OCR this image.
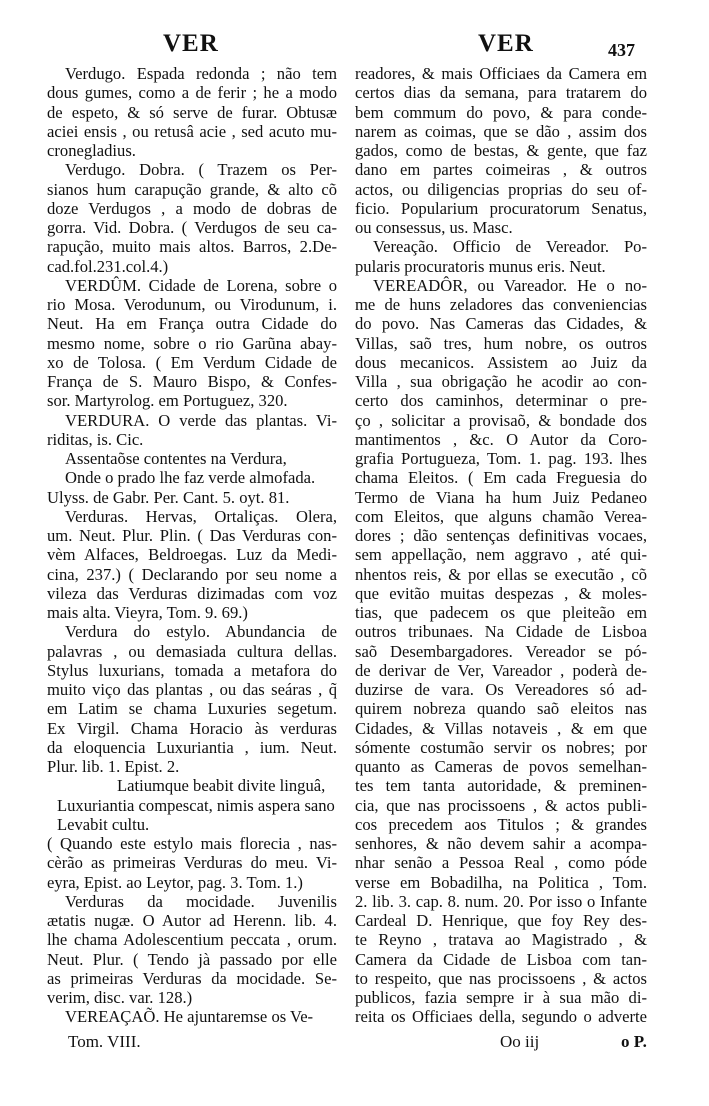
VER	VER	437
Verdugo. Espada redonda ; não tem
dous gumes, como a de ferir ; he a modo
de espeto, & só serve de furar. Obtusæ
aciei ensis , ou retusâ acie , sed acuto mu-
cronegladius.
Verdugo. Dobra. ( Trazem os Per-
sianos hum carapução grande, & alto cõ
doze Verdugos , a modo de dobras de
gorra. Vid. Dobra. ( Verdugos de seu ca-
rapução, muito mais altos. Barros, 2.De-
cad.fol.231.col.4.)
VERDÛM. Cidade de Lorena, sobre o
rio Mosa. Verodunum, ou Virodunum, i.
Neut. Ha em França outra Cidade do
mesmo nome, sobre o rio Garũna abay-
xo de Tolosa. ( Em Verdum Cidade de
França de S. Mauro Bispo, & Confes-
sor. Martyrolog. em Portuguez, 320.
VERDURA. O verde das plantas. Vi-
riditas, is. Cic.
Assentaõse contentes na Verdura,
Onde o prado lhe faz verde almofada.
Ulyss. de Gabr. Per. Cant. 5. oyt. 81.
Verduras. Hervas, Ortaliças. Olera,
um. Neut. Plur. Plin. ( Das Verduras con-
vèm Alfaces, Beldroegas. Luz da Medi-
cina, 237.) ( Declarando por seu nome a
vileza das Verduras dizimadas com voz
mais alta. Vieyra, Tom. 9. 69.)
Verdura do estylo. Abundancia de
palavras , ou demasiada cultura dellas.
Stylus luxurians, tomada a metafora do
muito viço das plantas , ou das seáras , q̃
em Latim se chama Luxuries segetum.
Ex Virgil. Chama Horacio às verduras
da eloquencia Luxuriantia , ium. Neut.
Plur. lib. 1. Epist. 2.
Latiumque beabit divite linguâ,
Luxuriantia compescat, nimis aspera sano
Levabit cultu.
( Quando este estylo mais florecia , nas-
cèrão as primeiras Verduras do meu. Vi-
eyra, Epist. ao Leytor, pag. 3. Tom. 1.)
Verduras da mocidade. Juvenilis
ætatis nugæ. O Autor ad Herenn. lib. 4.
lhe chama Adolescentium peccata , orum.
Neut. Plur. ( Tendo jà passado por elle
as primeiras Verduras da mocidade. Se-
verim, disc. var. 128.)
VEREAÇAÕ. He ajuntaremse os Ve-
readores, & mais Officiaes da Camera em
certos dias da semana, para tratarem do
bem commum do povo, & para conde-
narem as coimas, que se dão , assim dos
gados, como de bestas, & gente, que faz
dano em partes coimeiras , & outros
actos, ou diligencias proprias do seu of-
ficio. Popularium procuratorum Senatus,
ou consessus, us. Masc.
Vereação. Officio de Vereador. Po-
pularis procuratoris munus eris. Neut.
VEREADÔR, ou Vareador. He o no-
me de huns zeladores das conveniencias
do povo. Nas Cameras das Cidades, &
Villas, saõ tres, hum nobre, os outros
dous mecanicos. Assistem ao Juiz da
Villa , sua obrigação he acodir ao con-
certo dos caminhos, determinar o pre-
ço , solicitar a provisaõ, & bondade dos
mantimentos , &c. O Autor da Coro-
grafia Portugueza, Tom. 1. pag. 193. lhes
chama Eleitos. ( Em cada Freguesia do
Termo de Viana ha hum Juiz Pedaneo
com Eleitos, que alguns chamão Verea-
dores ; dão sentenças definitivas vocaes,
sem appellação, nem aggravo , até qui-
nhentos reis, & por ellas se executão , cõ
que evitão muitas despezas , & moles-
tias, que padecem os que pleiteão em
outros tribunaes. Na Cidade de Lisboa
saõ Desembargadores. Vereador se pó-
de derivar de Ver, Vareador , poderà de-
duzirse de vara. Os Vereadores só ad-
quirem nobreza quando saõ eleitos nas
Cidades, & Villas notaveis , & em que
sómente costumão servir os nobres; por
quanto as Cameras de povos semelhan-
tes tem tanta autoridade, & preminen-
cia, que nas procissoens , & actos publi-
cos precedem aos Titulos ; & grandes
senhores, & não devem sahir a acompa-
nhar senão a Pessoa Real , como póde
verse em Bobadilha, na Politica , Tom.
2. lib. 3. cap. 8. num. 20. Por isso o Infante
Cardeal D. Henrique, que foy Rey des-
te Reyno , tratava ao Magistrado , &
Camera da Cidade de Lisboa com tan-
to respeito, que nas procissoens , & actos
publicos, fazia sempre ir à sua mão di-
reita os Officiaes della, segundo o adverte
Tom. VIII.	Oo iij	o P.
